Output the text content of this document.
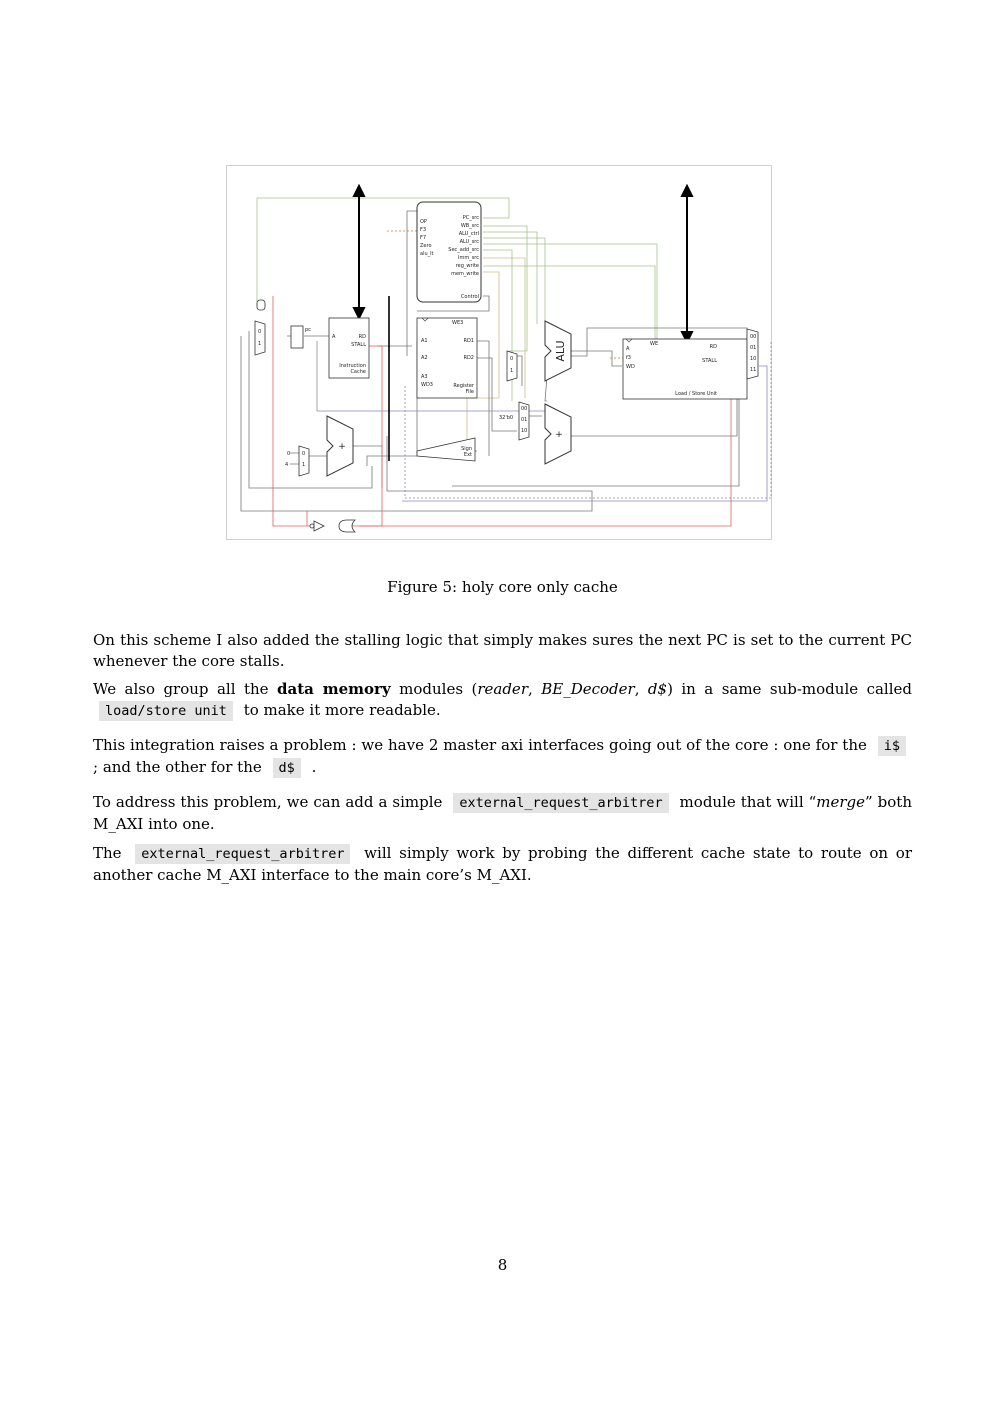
OP
F3
F7
Zero
alu_lt
PC_src
WB_src
ALU_ctrl
ALU_src
Sec_add_src
Imm_src
reg_write
mem_write
Control
0
1
pc
A	RD
STALL
Instruction
Cache
WE3
A1
A2
A3
WD3
RD1
RD2
Register
File
0
1
ALU
32'b0
00
01
10	+
Sign
Ext
0
4
0
1
+
WE
A
f3
WD
RD
STALL
Load / Store Unit
00
01
10
11
Figure 5: holy core only cache

On this scheme I also added the stalling logic that simply makes sures the next PC is set to the current PC whenever the core stalls.

We also group all the data memory modules (reader, BE_Decoder, d$) in a same sub-module called load/store unit to make it more readable.

This integration raises a problem : we have 2 master axi interfaces going out of the core : one for the i$ ; and the other for the d$ .

To address this problem, we can add a simple external_request_arbitrer module that will “merge” both M_AXI into one.

The external_request_arbitrer will simply work by probing the different cache state to route on or another cache M_AXI interface to the main core’s M_AXI.

8
